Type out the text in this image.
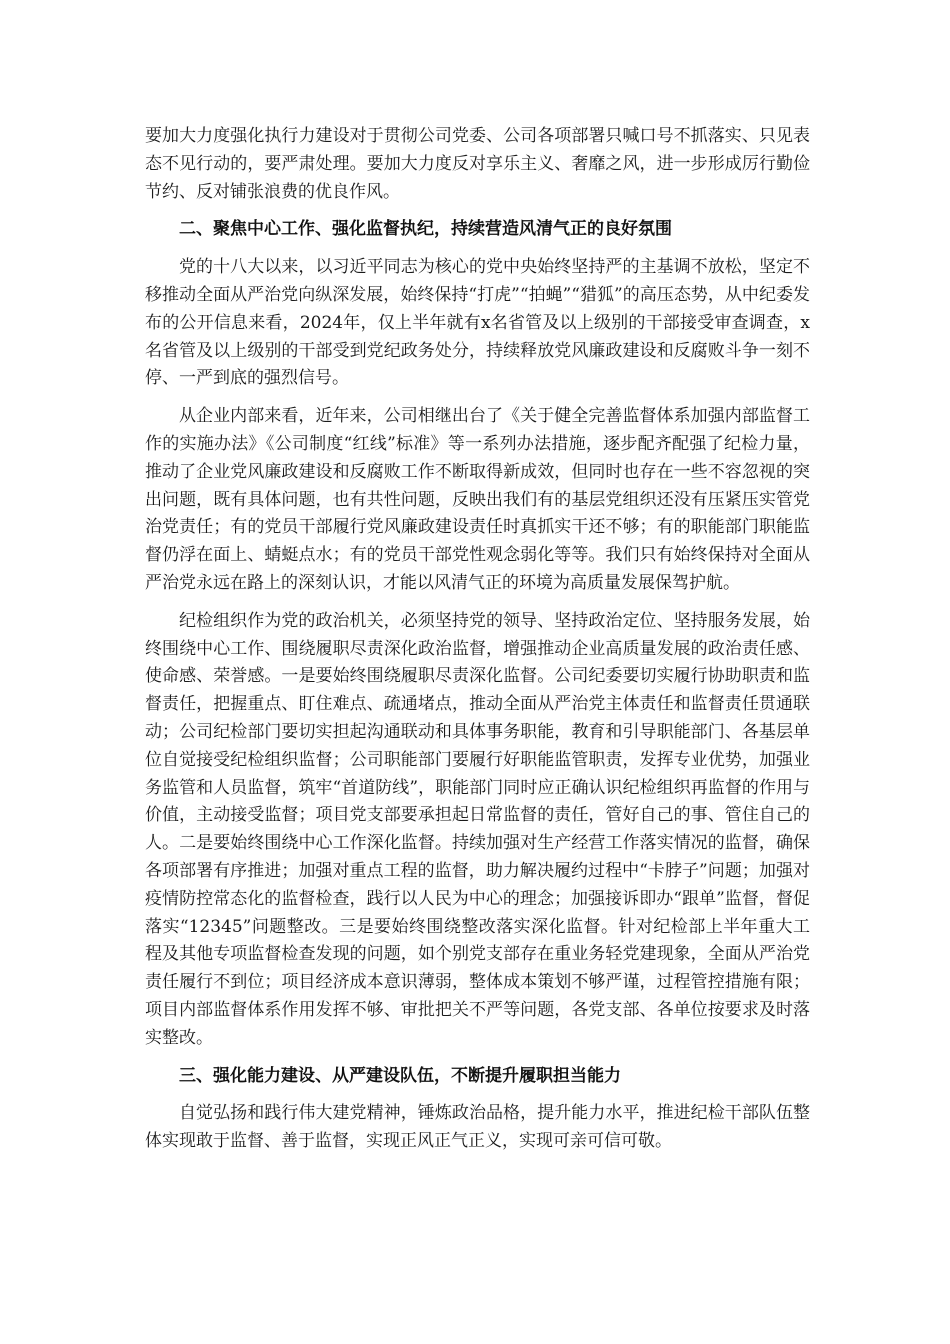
要加大力度强化执行力建设对于贯彻公司党委、公司各项部署只喊口号不抓落实、只见表态不见行动的，要严肃处理。要加大力度反对享乐主义、奢靡之风，进一步形成厉行勤俭节约、反对铺张浪费的优良作风。

二、聚焦中心工作、强化监督执纪，持续营造风清气正的良好氛围

党的十八大以来，以习近平同志为核心的党中央始终坚持严的主基调不放松，坚定不移推动全面从严治党向纵深发展，始终保持“打虎”“拍蝇”“猎狐”的高压态势，从中纪委发布的公开信息来看，2024年，仅上半年就有x名省管及以上级别的干部接受审查调查，x名省管及以上级别的干部受到党纪政务处分，持续释放党风廉政建设和反腐败斗争一刻不停、一严到底的强烈信号。

从企业内部来看，近年来，公司相继出台了《关于健全完善监督体系加强内部监督工作的实施办法》《公司制度“红线”标准》等一系列办法措施，逐步配齐配强了纪检力量，推动了企业党风廉政建设和反腐败工作不断取得新成效，但同时也存在一些不容忽视的突出问题，既有具体问题，也有共性问题，反映出我们有的基层党组织还没有压紧压实管党治党责任；有的党员干部履行党风廉政建设责任时真抓实干还不够；有的职能部门职能监督仍浮在面上、蜻蜓点水；有的党员干部党性观念弱化等等。我们只有始终保持对全面从严治党永远在路上的深刻认识，才能以风清气正的环境为高质量发展保驾护航。

纪检组织作为党的政治机关，必须坚持党的领导、坚持政治定位、坚持服务发展，始终围绕中心工作、围绕履职尽责深化政治监督，增强推动企业高质量发展的政治责任感、使命感、荣誉感。一是要始终围绕履职尽责深化监督。公司纪委要切实履行协助职责和监督责任，把握重点、盯住难点、疏通堵点，推动全面从严治党主体责任和监督责任贯通联动；公司纪检部门要切实担起沟通联动和具体事务职能，教育和引导职能部门、各基层单位自觉接受纪检组织监督；公司职能部门要履行好职能监管职责，发挥专业优势，加强业务监管和人员监督，筑牢“首道防线”，职能部门同时应正确认识纪检组织再监督的作用与价值，主动接受监督；项目党支部要承担起日常监督的责任，管好自己的事、管住自己的人。二是要始终围绕中心工作深化监督。持续加强对生产经营工作落实情况的监督，确保各项部署有序推进；加强对重点工程的监督，助力解决履约过程中“卡脖子”问题；加强对疫情防控常态化的监督检查，践行以人民为中心的理念；加强接诉即办“跟单”监督，督促落实“12345”问题整改。三是要始终围绕整改落实深化监督。针对纪检部上半年重大工程及其他专项监督检查发现的问题，如个别党支部存在重业务轻党建现象，全面从严治党责任履行不到位；项目经济成本意识薄弱，整体成本策划不够严谨，过程管控措施有限；项目内部监督体系作用发挥不够、审批把关不严等问题，各党支部、各单位按要求及时落实整改。

三、强化能力建设、从严建设队伍，不断提升履职担当能力

自觉弘扬和践行伟大建党精神，锤炼政治品格，提升能力水平，推进纪检干部队伍整体实现敢于监督、善于监督，实现正风正气正义，实现可亲可信可敬。
